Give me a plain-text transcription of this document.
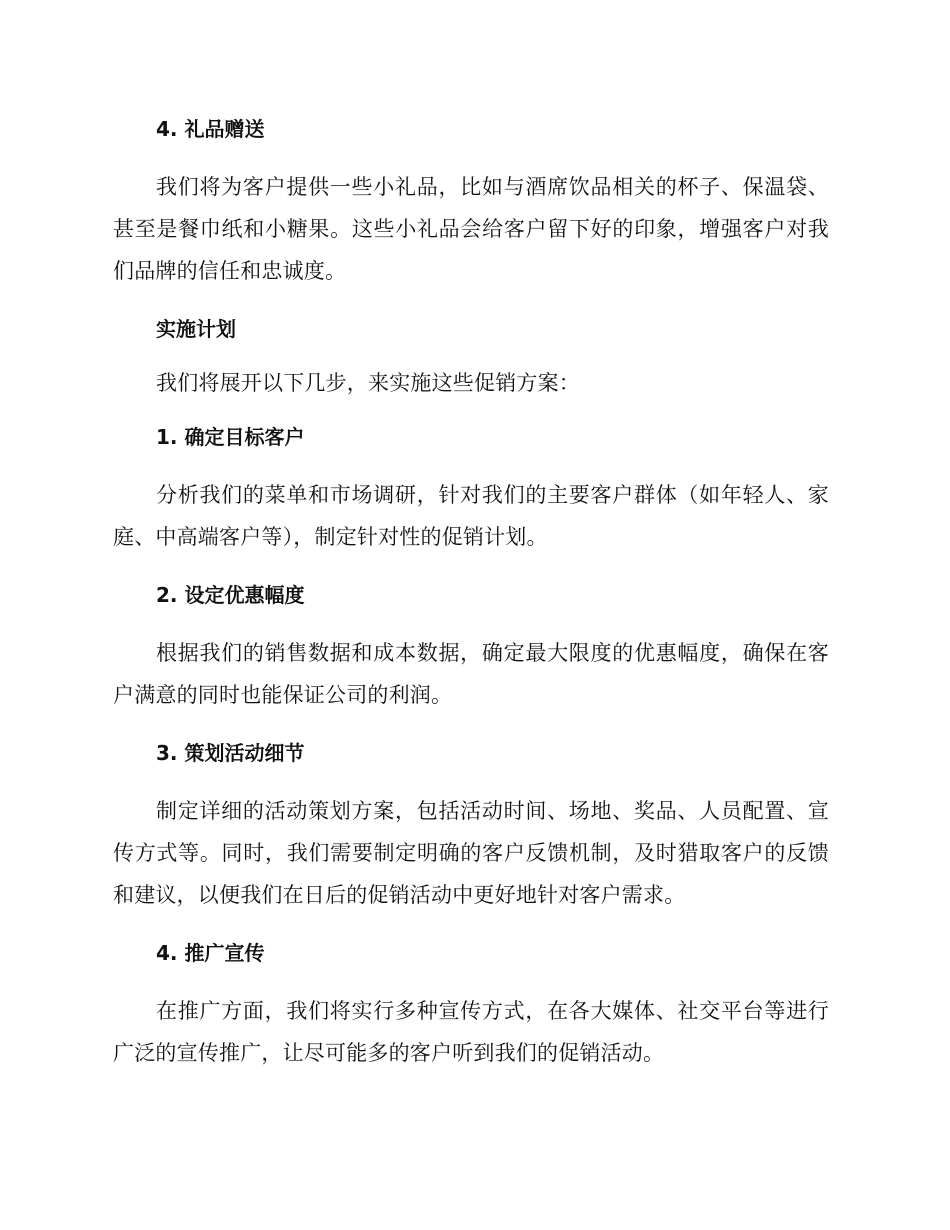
4. 礼品赠送
我们将为客户提供一些小礼品，比如与酒席饮品相关的杯子、保温袋、甚至是餐巾纸和小糖果。这些小礼品会给客户留下好的印象，增强客户对我们品牌的信任和忠诚度。
实施计划
我们将展开以下几步，来实施这些促销方案：
1. 确定目标客户
分析我们的菜单和市场调研，针对我们的主要客户群体（如年轻人、家庭、中高端客户等），制定针对性的促销计划。
2. 设定优惠幅度
根据我们的销售数据和成本数据，确定最大限度的优惠幅度，确保在客户满意的同时也能保证公司的利润。
3. 策划活动细节
制定详细的活动策划方案，包括活动时间、场地、奖品、人员配置、宣传方式等。同时，我们需要制定明确的客户反馈机制，及时猎取客户的反馈和建议，以便我们在日后的促销活动中更好地针对客户需求。
4. 推广宣传
在推广方面，我们将实行多种宣传方式，在各大媒体、社交平台等进行广泛的宣传推广，让尽可能多的客户听到我们的促销活动。
